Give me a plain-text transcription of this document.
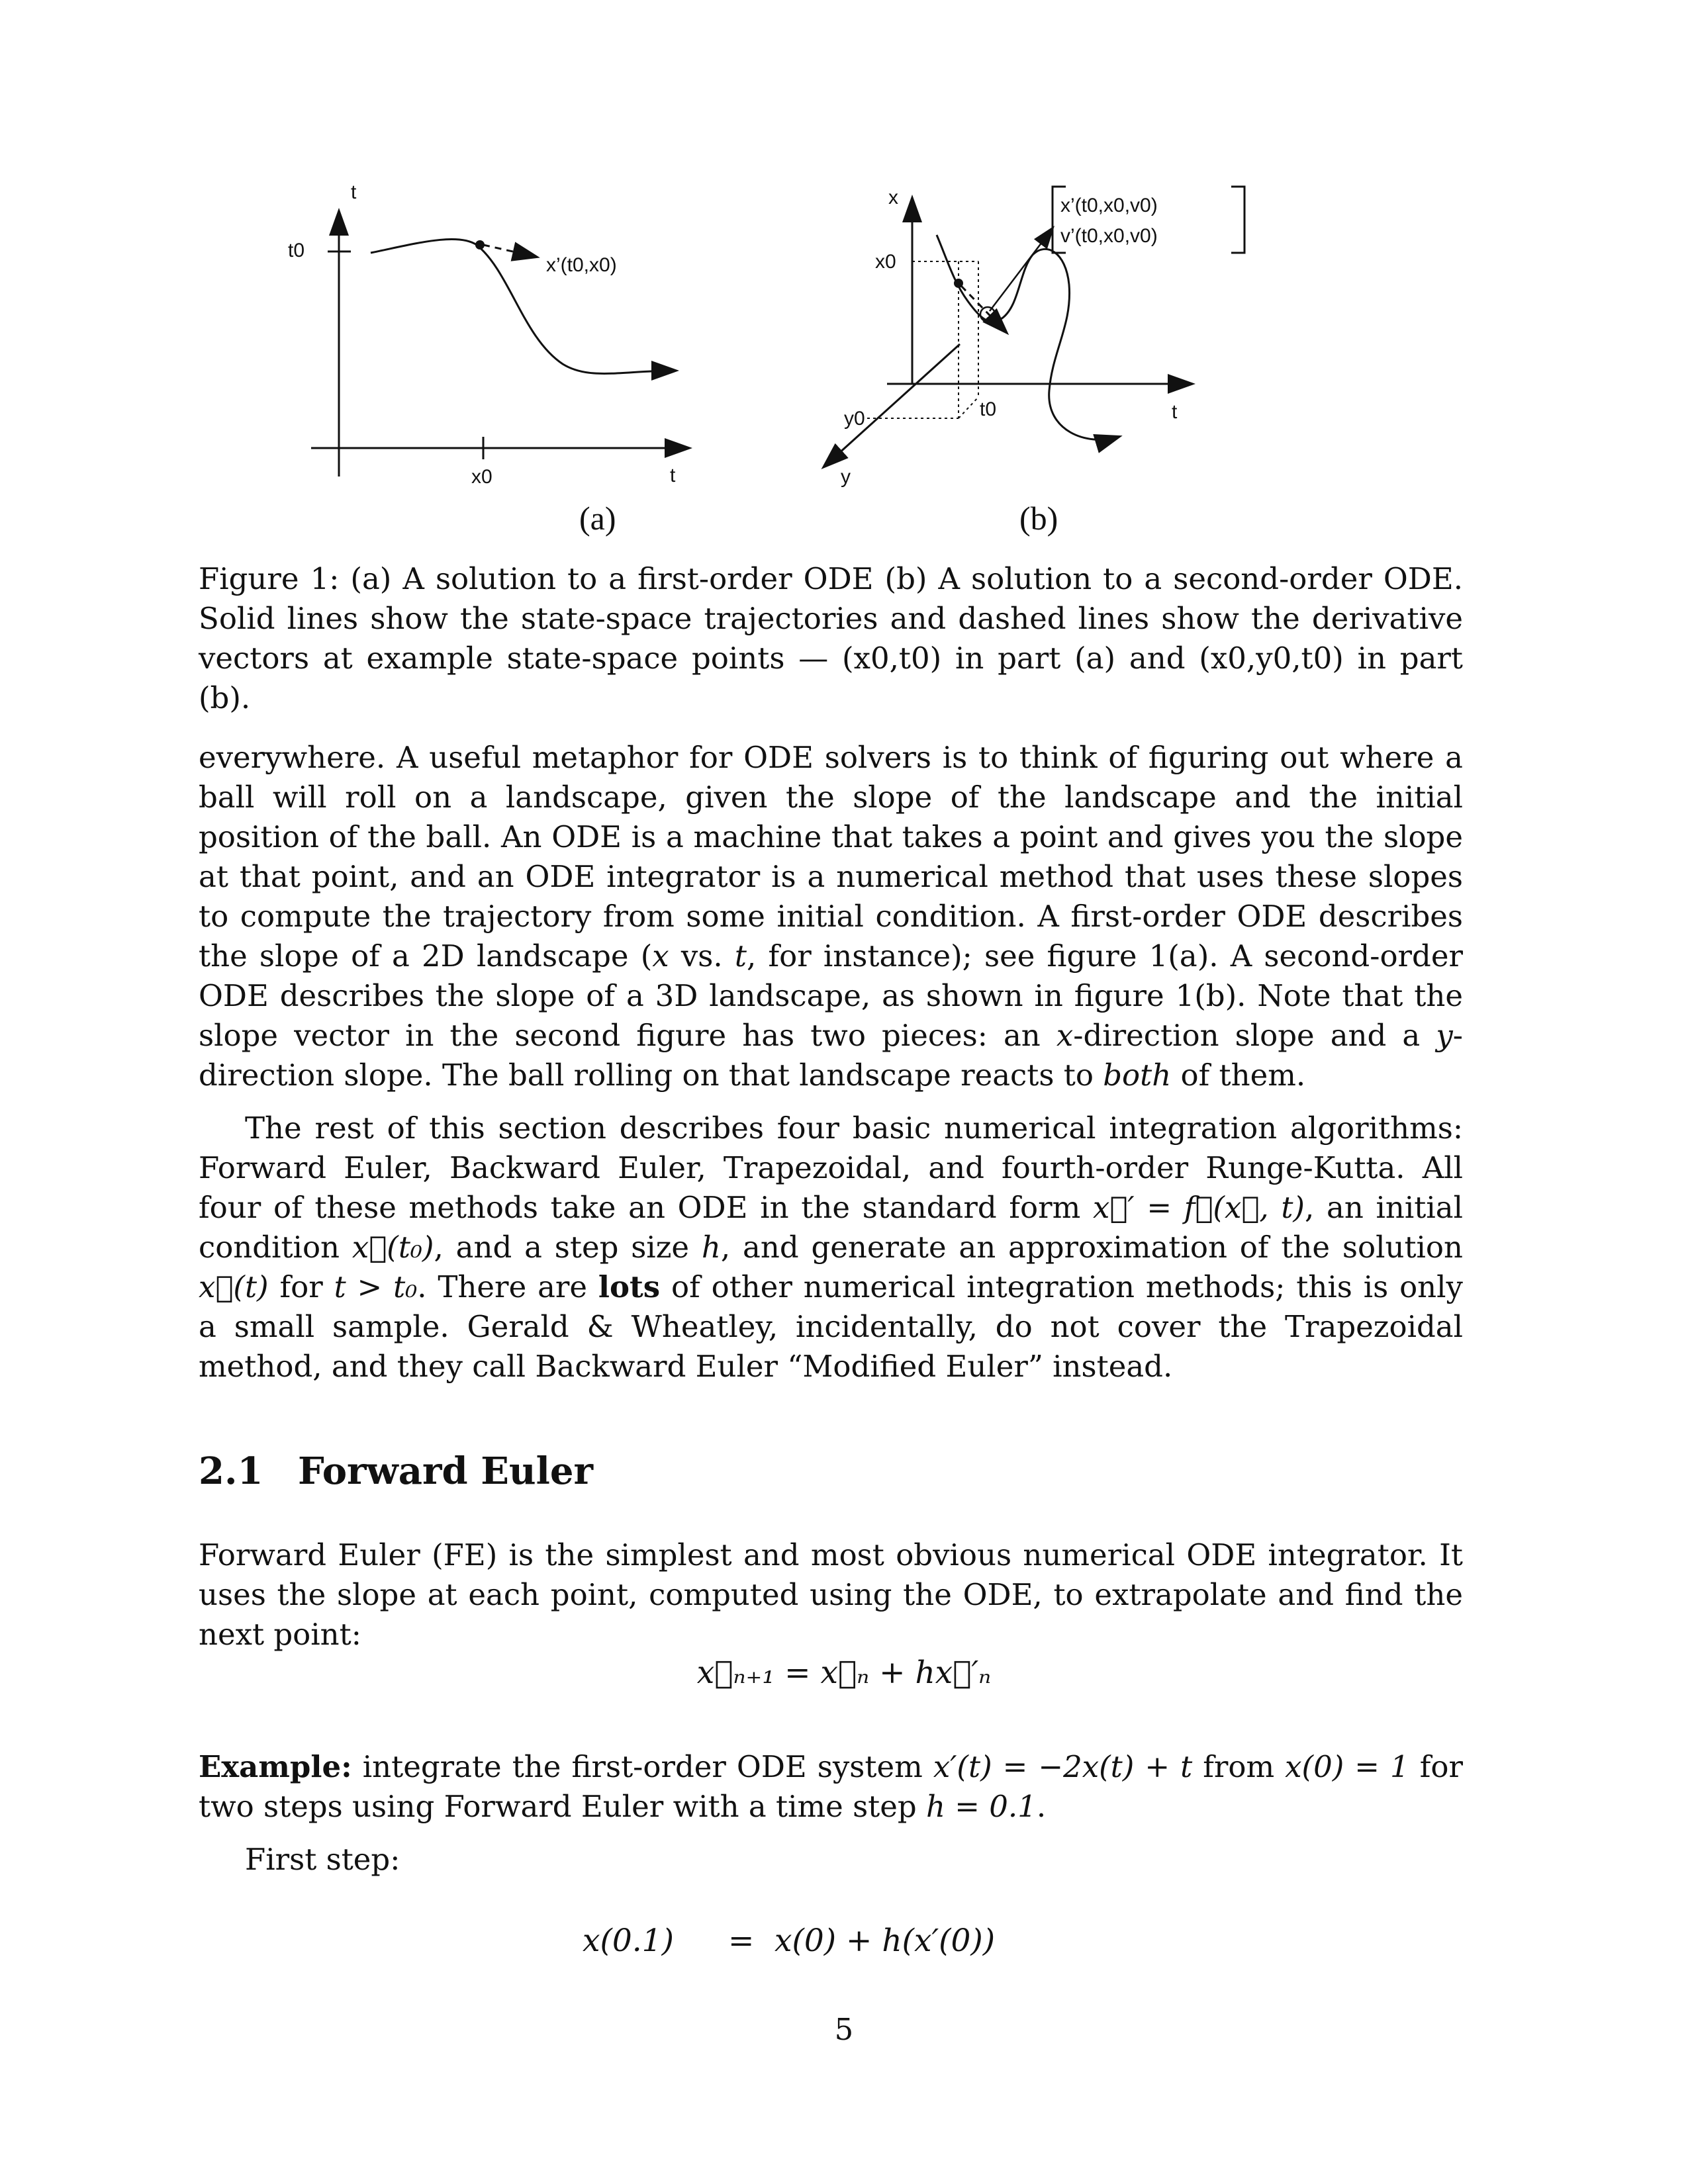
t
t0
x’(t0,x0)
x0	t
(a)
x’(t0,x0,v0)
v’(t0,x0,v0)
x
x0
t0	t
y0
y
(b)
Figure 1: (a) A solution to a first-order ODE (b) A solution to a second-order ODE. Solid lines show the state-space trajectories and dashed lines show the derivative vectors at example state-space points — (x0,t0) in part (a) and (x0,y0,t0) in part (b).
everywhere. A useful metaphor for ODE solvers is to think of figuring out where a ball will roll on a landscape, given the slope of the landscape and the initial position of the ball. An ODE is a machine that takes a point and gives you the slope at that point, and an ODE integrator is a numerical method that uses these slopes to compute the trajectory from some initial condition. A first-order ODE describes the slope of a 2D landscape (x vs. t, for instance); see figure 1(a). A second-order ODE describes the slope of a 3D landscape, as shown in figure 1(b). Note that the slope vector in the second figure has two pieces: an x-direction slope and a y-direction slope. The ball rolling on that landscape reacts to both of them.
The rest of this section describes four basic numerical integration algorithms: Forward Euler, Backward Euler, Trapezoidal, and fourth-order Runge-Kutta. All four of these methods take an ODE in the standard form x⃗′ = f⃗(x⃗, t), an initial condition x⃗(t₀), and a step size h, and generate an approximation of the solution x⃗(t) for t > t₀. There are lots of other numerical integration methods; this is only a small sample. Gerald & Wheatley, incidentally, do not cover the Trapezoidal method, and they call Backward Euler “Modified Euler” instead.
2.1 Forward Euler
Forward Euler (FE) is the simplest and most obvious numerical ODE integrator. It uses the slope at each point, computed using the ODE, to extrapolate and find the next point:
x⃗ₙ₊₁ = x⃗ₙ + hx⃗′ₙ
Example: integrate the first-order ODE system x′(t) = −2x(t) + t from x(0) = 1 for two steps using Forward Euler with a time step h = 0.1.
First step:
x(0.1) = x(0) + h(x′(0))
5
